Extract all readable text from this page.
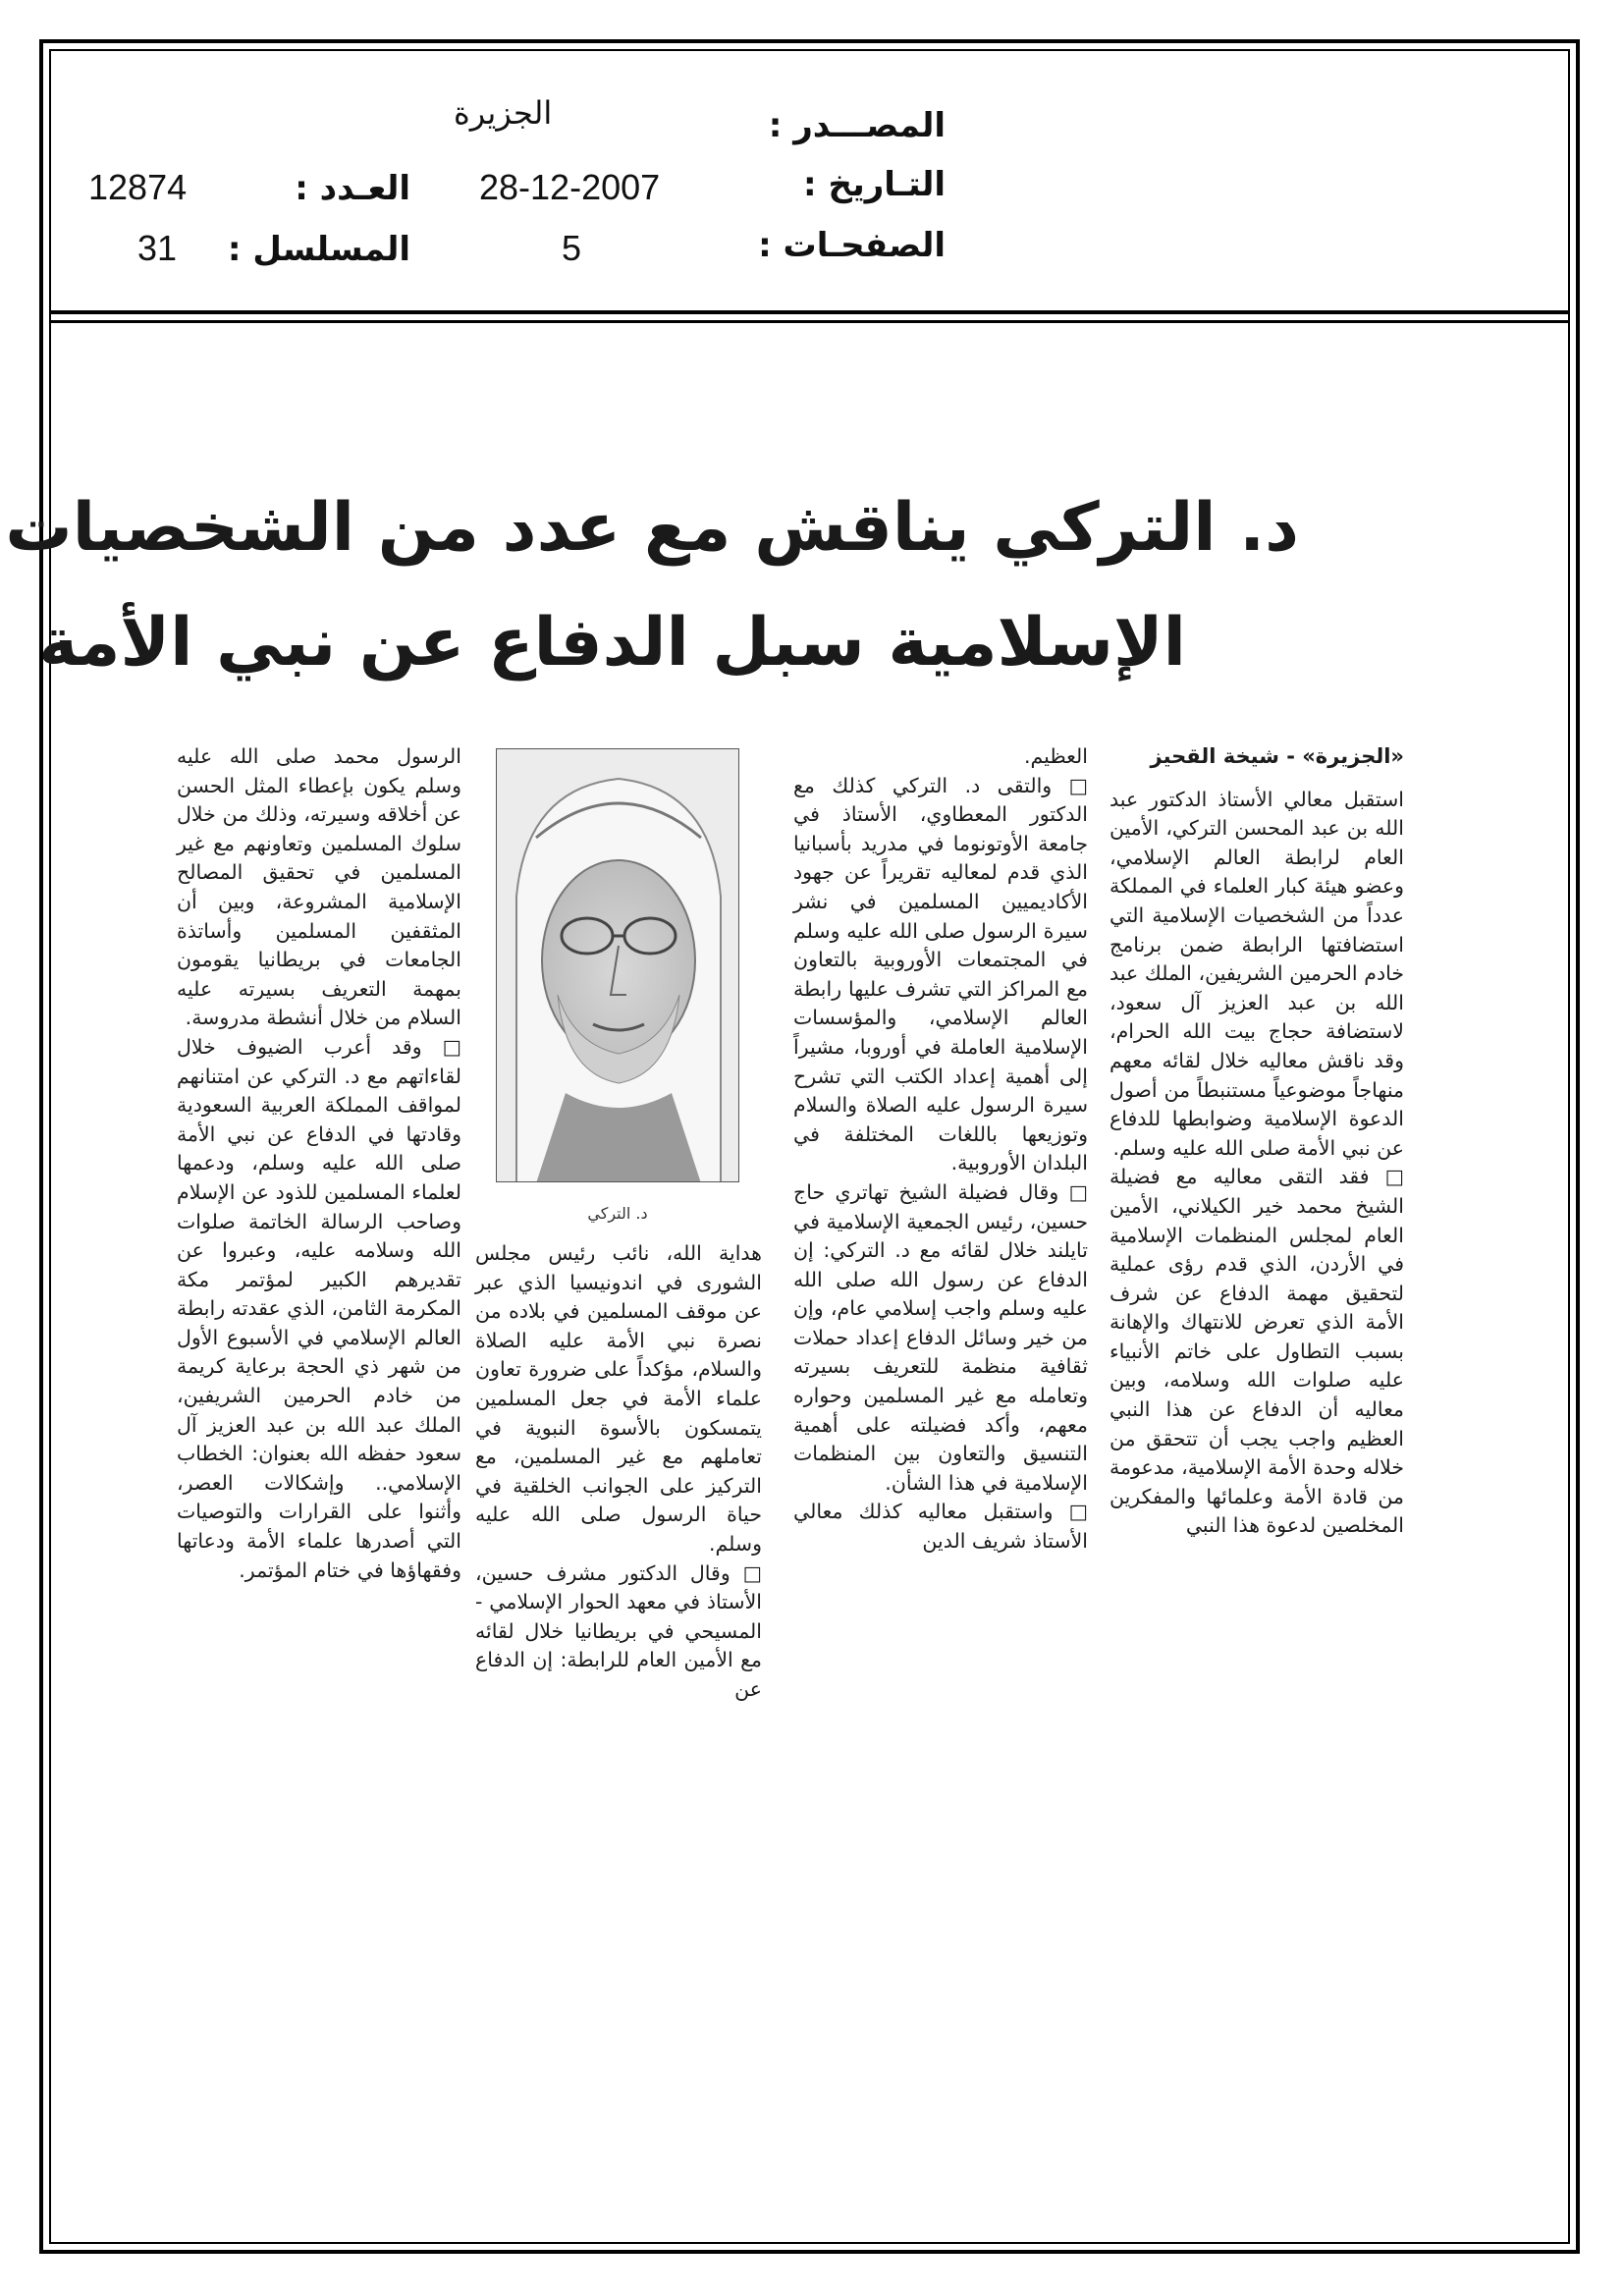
المصـــدر :
الجزيرة
التـاريخ :
28-12-2007
العـدد :
12874
الصفحـات :
5
المسلسل :
31
د. التركي يناقش مع عدد من الشخصيات
الإسلامية سبل الدفاع عن نبي الأمة

«الجزيرة» - شيخة القحيز

استقبل معالي الأستاذ الدكتور عبد الله بن عبد المحسن التركي، الأمين العام لرابطة العالم الإسلامي، وعضو هيئة كبار العلماء في المملكة عدداً من الشخصيات الإسلامية التي استضافتها الرابطة ضمن برنامج خادم الحرمين الشريفين، الملك عبد الله بن عبد العزيز آل سعود، لاستضافة حجاج بيت الله الحرام، وقد ناقش معاليه خلال لقائه معهم منهاجاً موضوعياً مستنبطاً من أصول الدعوة الإسلامية وضوابطها للدفاع عن نبي الأمة صلى الله عليه وسلم.

□ فقد التقى معاليه مع فضيلة الشيخ محمد خير الكيلاني، الأمين العام لمجلس المنظمات الإسلامية في الأردن، الذي قدم رؤى عملية لتحقيق مهمة الدفاع عن شرف الأمة الذي تعرض للانتهاك والإهانة بسبب التطاول على خاتم الأنبياء عليه صلوات الله وسلامه، وبين معاليه أن الدفاع عن هذا النبي العظيم واجب يجب أن تتحقق من خلاله وحدة الأمة الإسلامية، مدعومة من قادة الأمة وعلمائها والمفكرين المخلصين لدعوة هذا النبي

العظيم.

□ والتقى د. التركي كذلك مع الدكتور المعطاوي، الأستاذ في جامعة الأوتونوما في مدريد بأسبانيا الذي قدم لمعاليه تقريراً عن جهود الأكاديميين المسلمين في نشر سيرة الرسول صلى الله عليه وسلم في المجتمعات الأوروبية بالتعاون مع المراكز التي تشرف عليها رابطة العالم الإسلامي، والمؤسسات الإسلامية العاملة في أوروبا، مشيراً إلى أهمية إعداد الكتب التي تشرح سيرة الرسول عليه الصلاة والسلام وتوزيعها باللغات المختلفة في البلدان الأوروبية.

□ وقال فضيلة الشيخ تهاتري حاج حسين، رئيس الجمعية الإسلامية في تايلند خلال لقائه مع د. التركي: إن الدفاع عن رسول الله صلى الله عليه وسلم واجب إسلامي عام، وإن من خير وسائل الدفاع إعداد حملات ثقافية منظمة للتعريف بسيرته وتعامله مع غير المسلمين وحواره معهم، وأكد فضيلته على أهمية التنسيق والتعاون بين المنظمات الإسلامية في هذا الشأن.

□ واستقبل معاليه كذلك معالي الأستاذ شريف الدين

د. التركي

هداية الله، نائب رئيس مجلس الشورى في اندونيسيا الذي عبر عن موقف المسلمين في بلاده من نصرة نبي الأمة عليه الصلاة والسلام، مؤكداً على ضرورة تعاون علماء الأمة في جعل المسلمين يتمسكون بالأسوة النبوية في تعاملهم مع غير المسلمين، مع التركيز على الجوانب الخلقية في حياة الرسول صلى الله عليه وسلم.

□ وقال الدكتور مشرف حسين، الأستاذ في معهد الحوار الإسلامي - المسيحي في بريطانيا خلال لقائه مع الأمين العام للرابطة: إن الدفاع عن

الرسول محمد صلى الله عليه وسلم يكون بإعطاء المثل الحسن عن أخلاقه وسيرته، وذلك من خلال سلوك المسلمين وتعاونهم مع غير المسلمين في تحقيق المصالح الإسلامية المشروعة، وبين أن المثقفين المسلمين وأساتذة الجامعات في بريطانيا يقومون بمهمة التعريف بسيرته عليه السلام من خلال أنشطة مدروسة.

□ وقد أعرب الضيوف خلال لقاءاتهم مع د. التركي عن امتنانهم لمواقف المملكة العربية السعودية وقادتها في الدفاع عن نبي الأمة صلى الله عليه وسلم، ودعمها لعلماء المسلمين للذود عن الإسلام وصاحب الرسالة الخاتمة صلوات الله وسلامه عليه، وعبروا عن تقديرهم الكبير لمؤتمر مكة المكرمة الثامن، الذي عقدته رابطة العالم الإسلامي في الأسبوع الأول من شهر ذي الحجة برعاية كريمة من خادم الحرمين الشريفين، الملك عبد الله بن عبد العزيز آل سعود حفظه الله بعنوان: الخطاب الإسلامي.. وإشكالات العصر، وأثنوا على القرارات والتوصيات التي أصدرها علماء الأمة ودعاتها وفقهاؤها في ختام المؤتمر.
